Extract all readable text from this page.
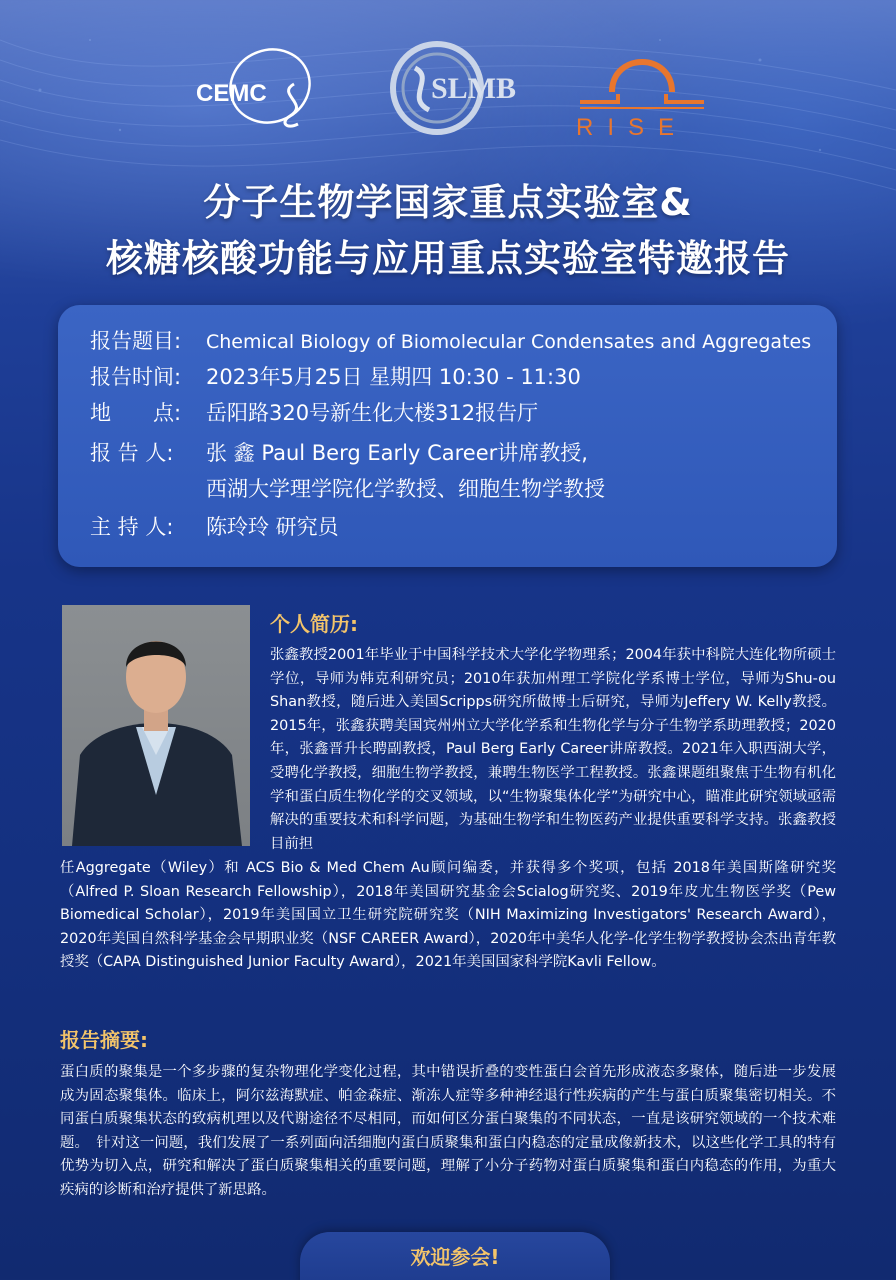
CEMC	SLMB
RISE
分子生物学国家重点实验室&
核糖核酸功能与应用重点实验室特邀报告
报告题目: Chemical Biology of Biomolecular Condensates and Aggregates
报告时间: 2023年5月25日 星期四 10:30 - 11:30
地　　点: 岳阳路320号新生化大楼312报告厅
报 告 人: 张 鑫 Paul Berg Early Career讲席教授,
西湖大学理学院化学教授、细胞生物学教授
主 持 人: 陈玲玲 研究员
个人简历:
张鑫教授2001年毕业于中国科学技术大学化学物理系；2004年获中科院大连化物所硕士学位，导师为韩克利研究员；2010年获加州理工学院化学系博士学位，导师为Shu-ou Shan教授，随后进入美国Scripps研究所做博士后研究，导师为Jeffery W. Kelly教授。2015年，张鑫获聘美国宾州州立大学化学系和生物化学与分子生物学系助理教授；2020年，张鑫晋升长聘副教授，Paul Berg Early Career讲席教授。2021年入职西湖大学，受聘化学教授，细胞生物学教授，兼聘生物医学工程教授。张鑫课题组聚焦于生物有机化学和蛋白质生物化学的交叉领域，以“生物聚集体化学”为研究中心，瞄准此研究领域亟需解决的重要技术和科学问题，为基础生物学和生物医药产业提供重要科学支持。张鑫教授目前担
任Aggregate（Wiley）和 ACS Bio & Med Chem Au顾问编委，并获得多个奖项，包括 2018年美国斯隆研究奖（Alfred P. Sloan Research Fellowship），2018年美国研究基金会Scialog研究奖、2019年皮尤生物医学奖（Pew Biomedical Scholar），2019年美国国立卫生研究院研究奖（NIH Maximizing Investigators' Research Award），2020年美国自然科学基金会早期职业奖（NSF CAREER Award），2020年中美华人化学-化学生物学教授协会杰出青年教授奖（CAPA Distinguished Junior Faculty Award），2021年美国国家科学院Kavli Fellow。
报告摘要:
蛋白质的聚集是一个多步骤的复杂物理化学变化过程，其中错误折叠的变性蛋白会首先形成液态多聚体，随后进一步发展成为固态聚集体。临床上，阿尔兹海默症、帕金森症、渐冻人症等多种神经退行性疾病的产生与蛋白质聚集密切相关。不同蛋白质聚集状态的致病机理以及代谢途径不尽相同，而如何区分蛋白聚集的不同状态，一直是该研究领域的一个技术难题。　针对这一问题，我们发展了一系列面向活细胞内蛋白质聚集和蛋白内稳态的定量成像新技术，以这些化学工具的特有优势为切入点，研究和解决了蛋白质聚集相关的重要问题，理解了小分子药物对蛋白质聚集和蛋白内稳态的作用，为重大疾病的诊断和治疗提供了新思路。
欢迎参会!
